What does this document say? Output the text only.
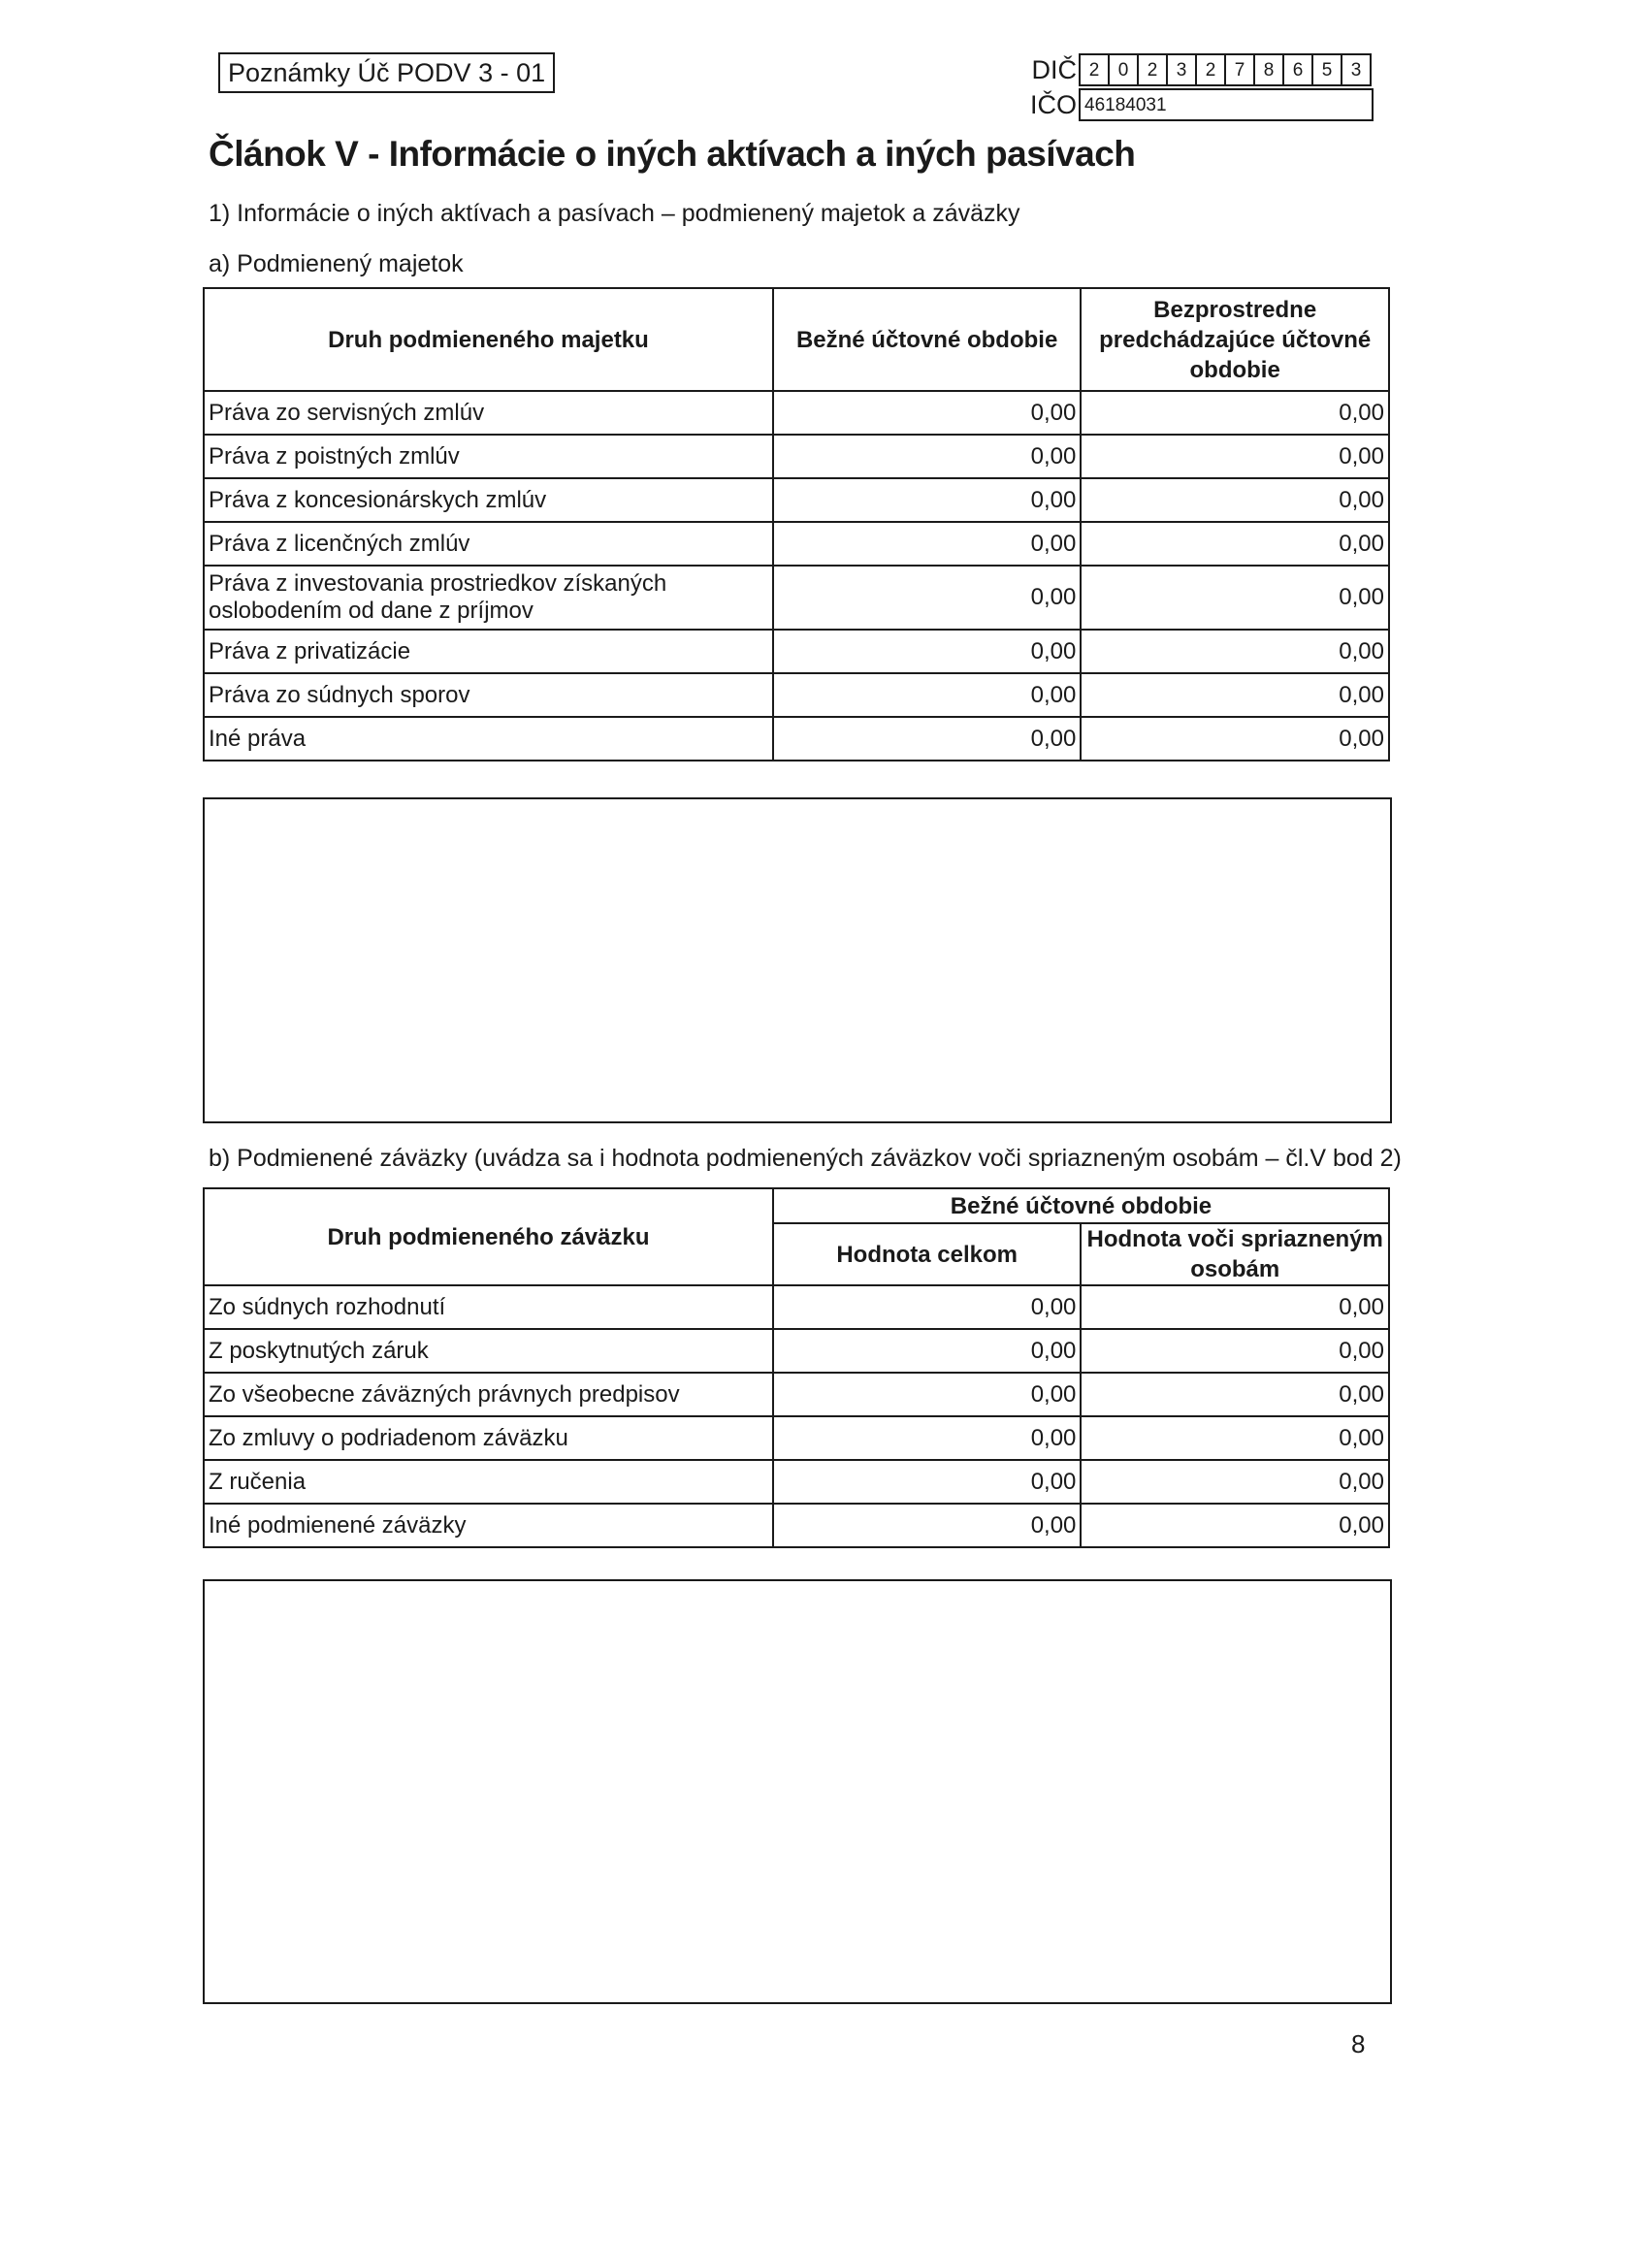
Poznámky Úč PODV 3 - 01	DIČ 2	0	2	3	2	7	8	6	5	3
IČO 46184031
Článok V - Informácie o iných aktívach a iných pasívach
1) Informácie o iných aktívach a pasívach – podmienený majetok a záväzky
a) Podmienený majetok
Druh podmieneného majetku	Bežné účtovné obdobie	Bezprostredne predchádzajúce účtovné obdobie
Práva zo servisných zmlúv	0,00	0,00
Práva z poistných zmlúv	0,00	0,00
Práva z koncesionárskych zmlúv	0,00	0,00
Práva z licenčných zmlúv	0,00	0,00
Práva z investovania prostriedkov získaných oslobodením od dane z príjmov	0,00	0,00
Práva z privatizácie	0,00	0,00
Práva zo súdnych sporov	0,00	0,00
Iné práva	0,00	0,00
b) Podmienené záväzky (uvádza sa i hodnota podmienených záväzkov voči spriazneným osobám – čl.V bod 2)
Druh podmieneného záväzku	Bežné účtovné obdobie	
	Hodnota celkom	Hodnota voči spriazneným osobám
Zo súdnych rozhodnutí	0,00	0,00
Z poskytnutých záruk	0,00	0,00
Zo všeobecne záväzných právnych predpisov	0,00	0,00
Zo zmluvy o podriadenom záväzku	0,00	0,00
Z ručenia	0,00	0,00
Iné podmienené záväzky	0,00	0,00
8
